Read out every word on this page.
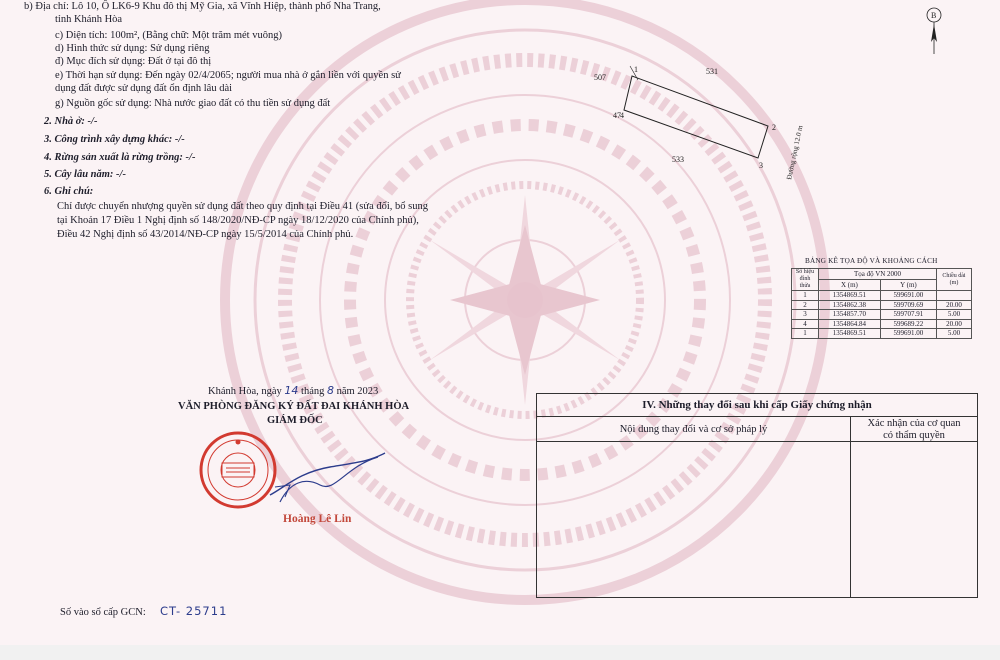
b) Địa chỉ: Lô 10, Ô LK6-9 Khu đô thị Mỹ Gia, xã Vĩnh Hiệp, thành phố Nha Trang,
tỉnh Khánh Hòa
c) Diện tích: 100m², (Bằng chữ: Một trăm mét vuông)
d) Hình thức sử dụng: Sử dụng riêng
đ) Mục đích sử dụng: Đất ở tại đô thị
e) Thời hạn sử dụng: Đến ngày 02/4/2065; người mua nhà ở gắn liền với quyền sử
dụng đất được sử dụng đất ổn định lâu dài
g) Nguồn gốc sử dụng: Nhà nước giao đất có thu tiền sử dụng đất
2. Nhà ở: -/-
3. Công trình xây dựng khác: -/-
4. Rừng sản xuất là rừng trồng: -/-
5. Cây lâu năm: -/-
6. Ghi chú:
Chỉ được chuyển nhượng quyền sử dụng đất theo quy định tại Điều 41 (sửa đổi, bổ sung
tại Khoản 17 Điều 1 Nghị định số 148/2020/NĐ-CP ngày 18/12/2020 của Chính phủ),
Điều 42 Nghị định số 43/2014/NĐ-CP ngày 15/5/2014 của Chính phủ.
507
531
533
47
1
2
3
4
Đường rộng 12.0 m
B
BẢNG KÊ TỌA ĐỘ VÀ KHOẢNG CÁCH
Số hiệu đỉnh thửa	Tọa độ VN 2000		Chiều dài (m)
	X (m)	Y (m)	
1	1354869.51	599691.00	
2	1354862.38	599709.69	20.00
3	1354857.70	599707.91	5.00
4	1354864.84	599689.22	20.00
1	1354869.51	599691.00	5.00
Khánh Hòa, ngày 14 tháng 8 năm 2023
VĂN PHÒNG ĐĂNG KÝ ĐẤT ĐAI KHÁNH HÒA
GIÁM ĐỐC
Hoàng Lê Lin
IV. Những thay đổi sau khi cấp Giấy chứng nhận
Nội dung thay đổi và cơ sở pháp lý	Xác nhận của cơ quan
có thẩm quyền
Số vào sổ cấp GCN: CT- 25711
